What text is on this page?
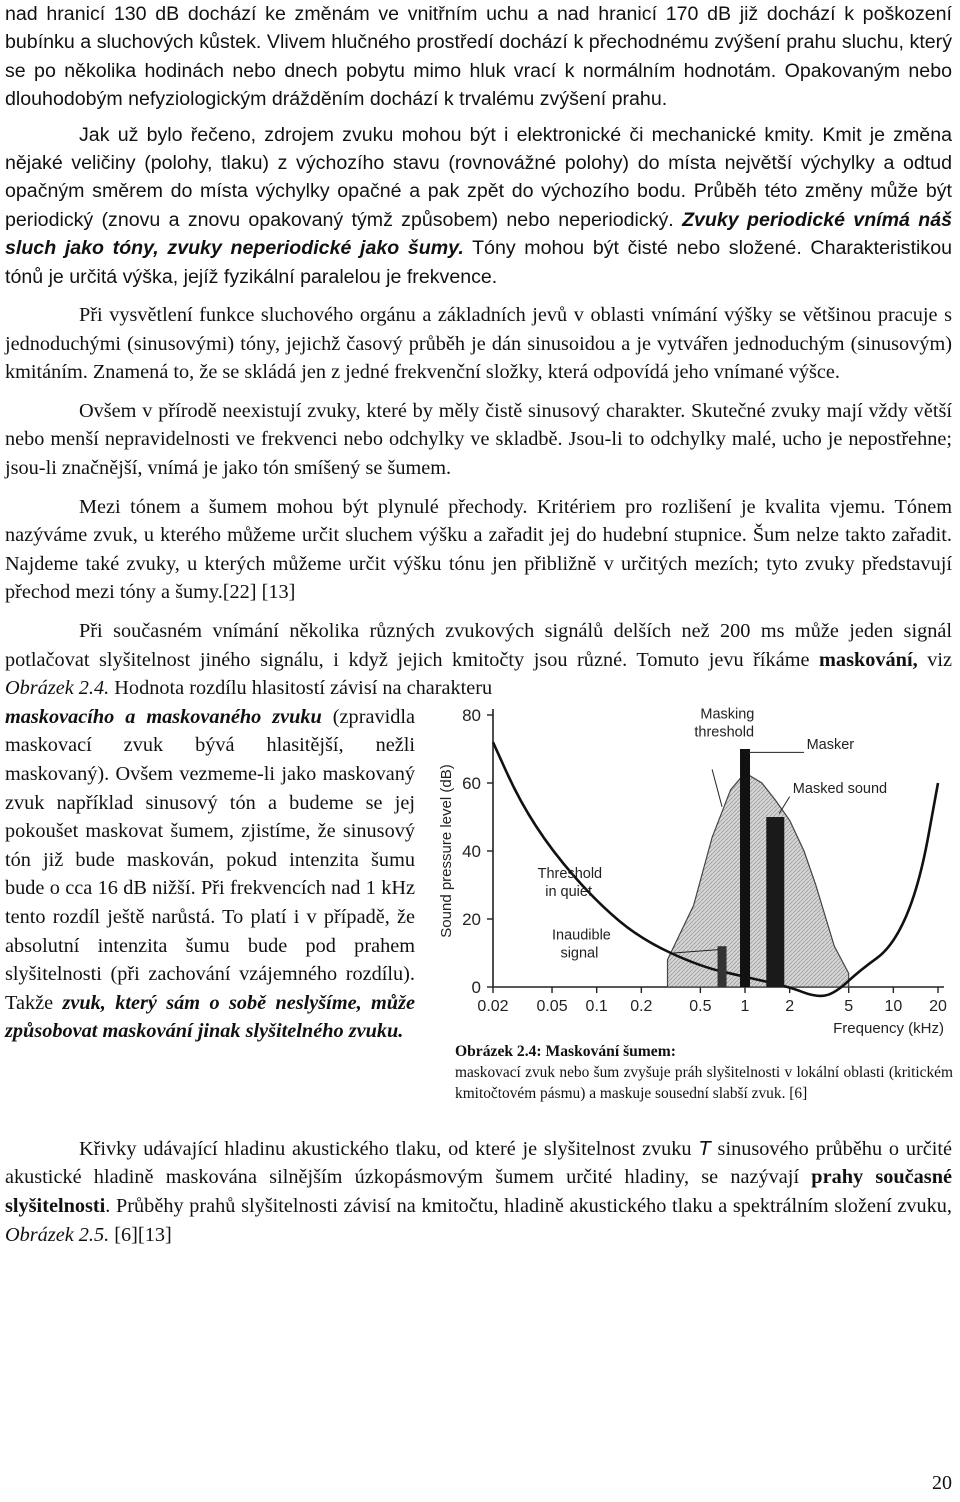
nad hranicí 130 dB dochází ke změnám ve vnitřním uchu a nad hranicí 170 dB již dochází k poškození bubínku a sluchových kůstek. Vlivem hlučného prostředí dochází k přechodnému zvýšení prahu sluchu, který se po několika hodinách nebo dnech pobytu mimo hluk vrací k normálním hodnotám. Opakovaným nebo dlouhodobým nefyziologickým drážděním dochází k trvalému zvýšení prahu.

Jak už bylo řečeno, zdrojem zvuku mohou být i elektronické či mechanické kmity. Kmit je změna nějaké veličiny (polohy, tlaku) z výchozího stavu (rovnovážné polohy) do místa největší výchylky a odtud opačným směrem do místa výchylky opačné a pak zpět do výchozího bodu. Průběh této změny může být periodický (znovu a znovu opakovaný týmž způsobem) nebo neperiodický. Zvuky periodické vnímá náš sluch jako tóny, zvuky neperiodické jako šumy. Tóny mohou být čisté nebo složené. Charakteristikou tónů je určitá výška, jejíž fyzikální paralelou je frekvence.

Při vysvětlení funkce sluchového orgánu a základních jevů v oblasti vnímání výšky se většinou pracuje s jednoduchými (sinusovými) tóny, jejichž časový průběh je dán sinusoidou a je vytvářen jednoduchým (sinusovým) kmitáním. Znamená to, že se skládá jen z jedné frekvenční složky, která odpovídá jeho vnímané výšce.

Ovšem v přírodě neexistují zvuky, které by měly čistě sinusový charakter. Skutečné zvuky mají vždy větší nebo menší nepravidelnosti ve frekvenci nebo odchylky ve skladbě. Jsou-li to odchylky malé, ucho je nepostřehne; jsou-li značnější, vnímá je jako tón smíšený se šumem.

Mezi tónem a šumem mohou být plynulé přechody. Kritériem pro rozlišení je kvalita vjemu. Tónem nazýváme zvuk, u kterého můžeme určit sluchem výšku a zařadit jej do hudební stupnice. Šum nelze takto zařadit. Najdeme také zvuky, u kterých můžeme určit výšku tónu jen přibližně v určitých mezích; tyto zvuky představují přechod mezi tóny a šumy.[22] [13]

Při současném vnímání několika různých zvukových signálů delších než 200 ms může jeden signál potlačovat slyšitelnost jiného signálu, i když jejich kmitočty jsou různé. Tomuto jevu říkáme maskování, viz Obrázek 2.4. Hodnota rozdílu hlasitostí závisí na charakteru

maskovacího a maskovaného zvuku (zpravidla maskovací zvuk bývá hlasitější, nežli maskovaný). Ovšem vezmeme-li jako maskovaný zvuk například sinusový tón a budeme se jej pokoušet maskovat šumem, zjistíme, že sinusový tón již bude maskován, pokud intenzita šumu bude o cca 16 dB nižší. Při frekvencích nad 1 kHz tento rozdíl ještě narůstá. To platí i v případě, že absolutní intenzita šumu bude pod prahem slyšitelnosti (při zachování vzájemného rozdílu). Takže zvuk, který sám o sobě neslyšíme, může způsobovat maskování jinak slyšitelného zvuku.

0
20
40
60
80
0.02 0.05 0.1 0.2 0.5 1 2	5 10 20
Frequency (kHz)
Sound pressure level (dB)
Masking threshold
Masker
Masked sound
Threshold in quiet
Inaudible signal
Obrázek 2.4: Maskování šumem:
maskovací zvuk nebo šum zvyšuje práh slyšitelnosti v lokální oblasti (kritickém kmitočtovém pásmu) a maskuje sousední slabší zvuk. [6]

Křivky udávající hladinu akustického tlaku, od které je slyšitelnost zvuku T sinusového průběhu o určité akustické hladině maskována silnějším úzkopásmovým šumem určité hladiny, se nazývají prahy současné slyšitelnosti. Průběhy prahů slyšitelnosti závisí na kmitočtu, hladině akustického tlaku a spektrálním složení zvuku, Obrázek 2.5. [6][13]

20
